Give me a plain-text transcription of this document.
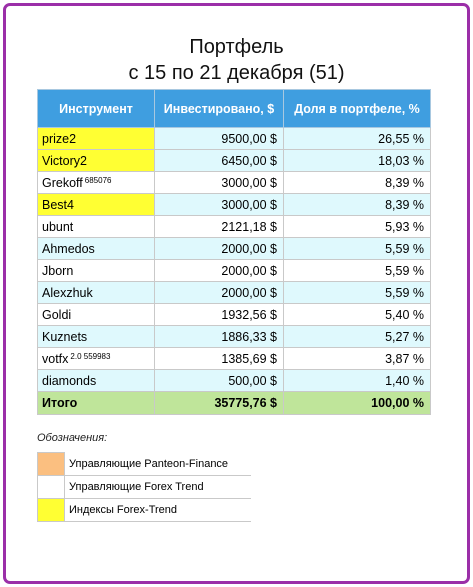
Портфель
с 15 по 21 декабря (51)
Инструмент	Инвестировано, $	Доля в портфеле, %
prize2	9500,00 $	26,55 %
Victory2	6450,00 $	18,03 %
Grekoff $^{685076}$	3000,00 $	8,39 %
Best4	3000,00 $	8,39 %
ubunt	2121,18 $	5,93 %
Ahmedos	2000,00 $	5,59 %
Jborn	2000,00 $	5,59 %
Alexzhuk	2000,00 $	5,59 %
Goldi	1932,56 $	5,40 %
Kuznets	1886,33 $	5,27 %
votfx $^{2.0 559983}$	1385,69 $	3,87 %
diamonds	500,00 $	1,40 %
Итого	35775,76 $	100,00 %
Обозначения:
	Управляющие Panteon-Finance
	Управляющие Forex Trend
	Индексы Forex-Trend
